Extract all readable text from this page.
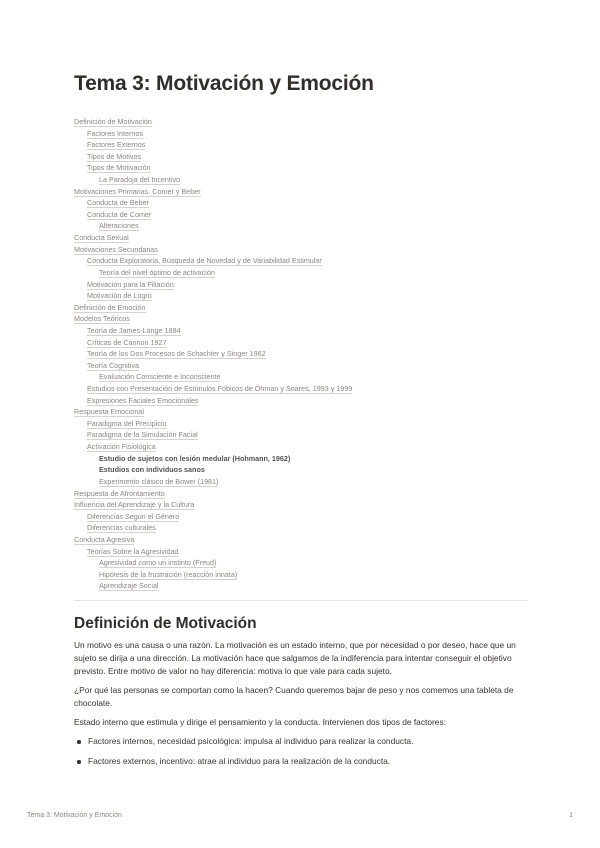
Tema 3: Motivación y Emoción
Definición de Motivación
Factores Internos
Factores Externos
Tipos de Motivos
Tipos de Motivación
La Paradoja del Incentivo
Motivaciones Primarias. Comer y Beber
Conducta de Beber
Conducta de Comer
Alteraciones
Conducta Sexual
Motivaciones Secundarias
Conducta Exploratoria, Búsqueda de Novedad y de Variabilidad Estimular
Teoría del nivel óptimo de activación
Motivación para la Filiación
Motivación de Logro
Definición de Emoción
Modelos Teóricos
Teoría de James-Lange 1884
Críticas de Cannon 1927
Teoría de los Dos Procesos de Schachter y Singer 1962
Teoría Cognitiva
Evaluación Consciente e Inconsciente
Estudios con Presentación de Estímulos Fóbicos de Öhman y Soares, 1993 y 1999
Expresiones Faciales Emocionales
Respuesta Emocional
Paradigma del Precipicio
Paradigma de la Simulación Facial
Activación Fisiológica
Estudio de sujetos con lesión medular (Hohmann, 1962)
Estudios con individuos sanos
Experimento clásico de Bower (1981)
Respuesta de Afrontamiento
Influencia del Aprendizaje y la Cultura
Diferencias Según el Género
Diferencias culturales
Conducta Agresiva
Teorías Sobre la Agresividad
Agresividad como un instinto (Freud)
Hipótesis de la frustración (reacción innata)
Aprendizaje Social
Definición de Motivación

Un motivo es una causa o una razón. La motivación es un estado interno, que por necesidad o por deseo, hace que un sujeto se dirija a una dirección. La motivación hace que salgamos de la indiferencia para intentar conseguir el objetivo previsto. Entre motivo de valor no hay diferencia: motiva lo que vale para cada sujeto.

¿Por qué las personas se comportan como la hacen? Cuando queremos bajar de peso y nos comemos una tableta de chocolate.

Estado interno que estimula y dirige el pensamiento y la conducta. Intervienen dos tipos de factores:

Factores internos, necesidad psicológica: impulsa al individuo para realizar la conducta.
Factores externos, incentivo: atrae al individuo para la realización de la conducta.
Tema 3: Motivación y Emoción	1
